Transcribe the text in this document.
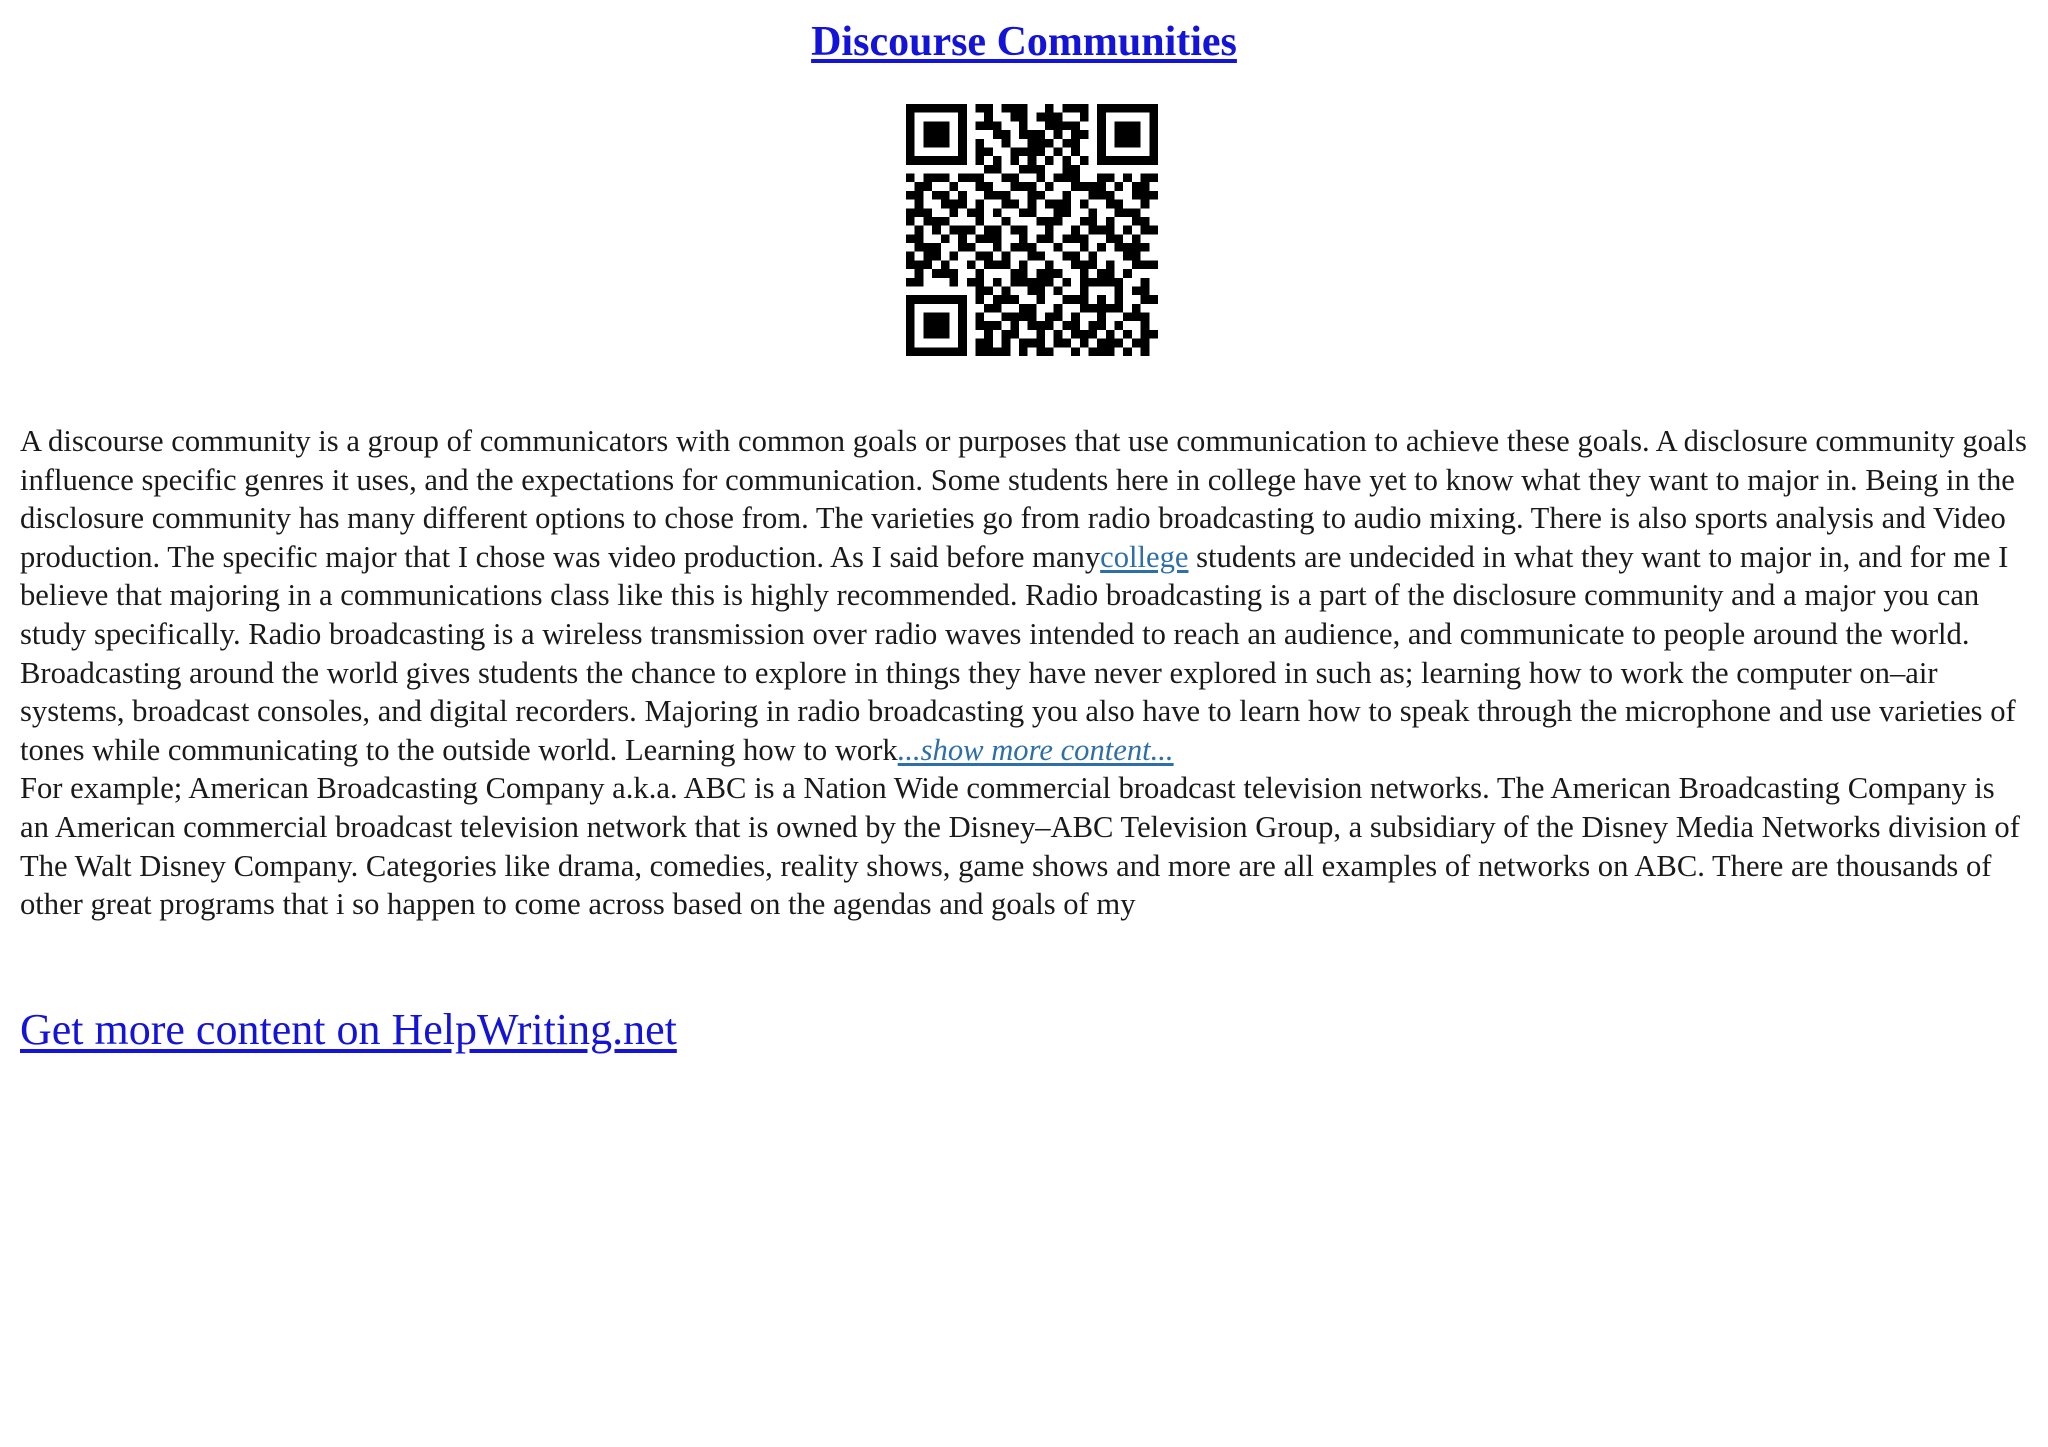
Discourse Communities

A discourse community is a group of communicators with common goals or purposes that use communication to achieve these goals. A disclosure community goals influence specific genres it uses, and the expectations for communication. Some students here in college have yet to know what they want to major in. Being in the disclosure community has many different options to chose from. The varieties go from radio broadcasting to audio mixing. There is also sports analysis and Video production. The specific major that I chose was video production. As I said before manycollege students are undecided in what they want to major in, and for me I believe that majoring in a communications class like this is highly recommended. Radio broadcasting is a part of the disclosure community and a major you can study specifically. Radio broadcasting is a wireless transmission over radio waves intended to reach an audience, and communicate to people around the world. Broadcasting around the world gives students the chance to explore in things they have never explored in such as; learning how to work the computer on–air systems, broadcast consoles, and digital recorders. Majoring in radio broadcasting you also have to learn how to speak through the microphone and use varieties of tones while communicating to the outside world. Learning how to work...show more content...

For example; American Broadcasting Company a.k.a. ABC is a Nation Wide commercial broadcast television networks. The American Broadcasting Company is an American commercial broadcast television network that is owned by the Disney–ABC Television Group, a subsidiary of the Disney Media Networks division of The Walt Disney Company. Categories like drama, comedies, reality shows, game shows and more are all examples of networks on ABC. There are thousands of other great programs that i so happen to come across based on the agendas and goals of my

Get more content on HelpWriting.net
